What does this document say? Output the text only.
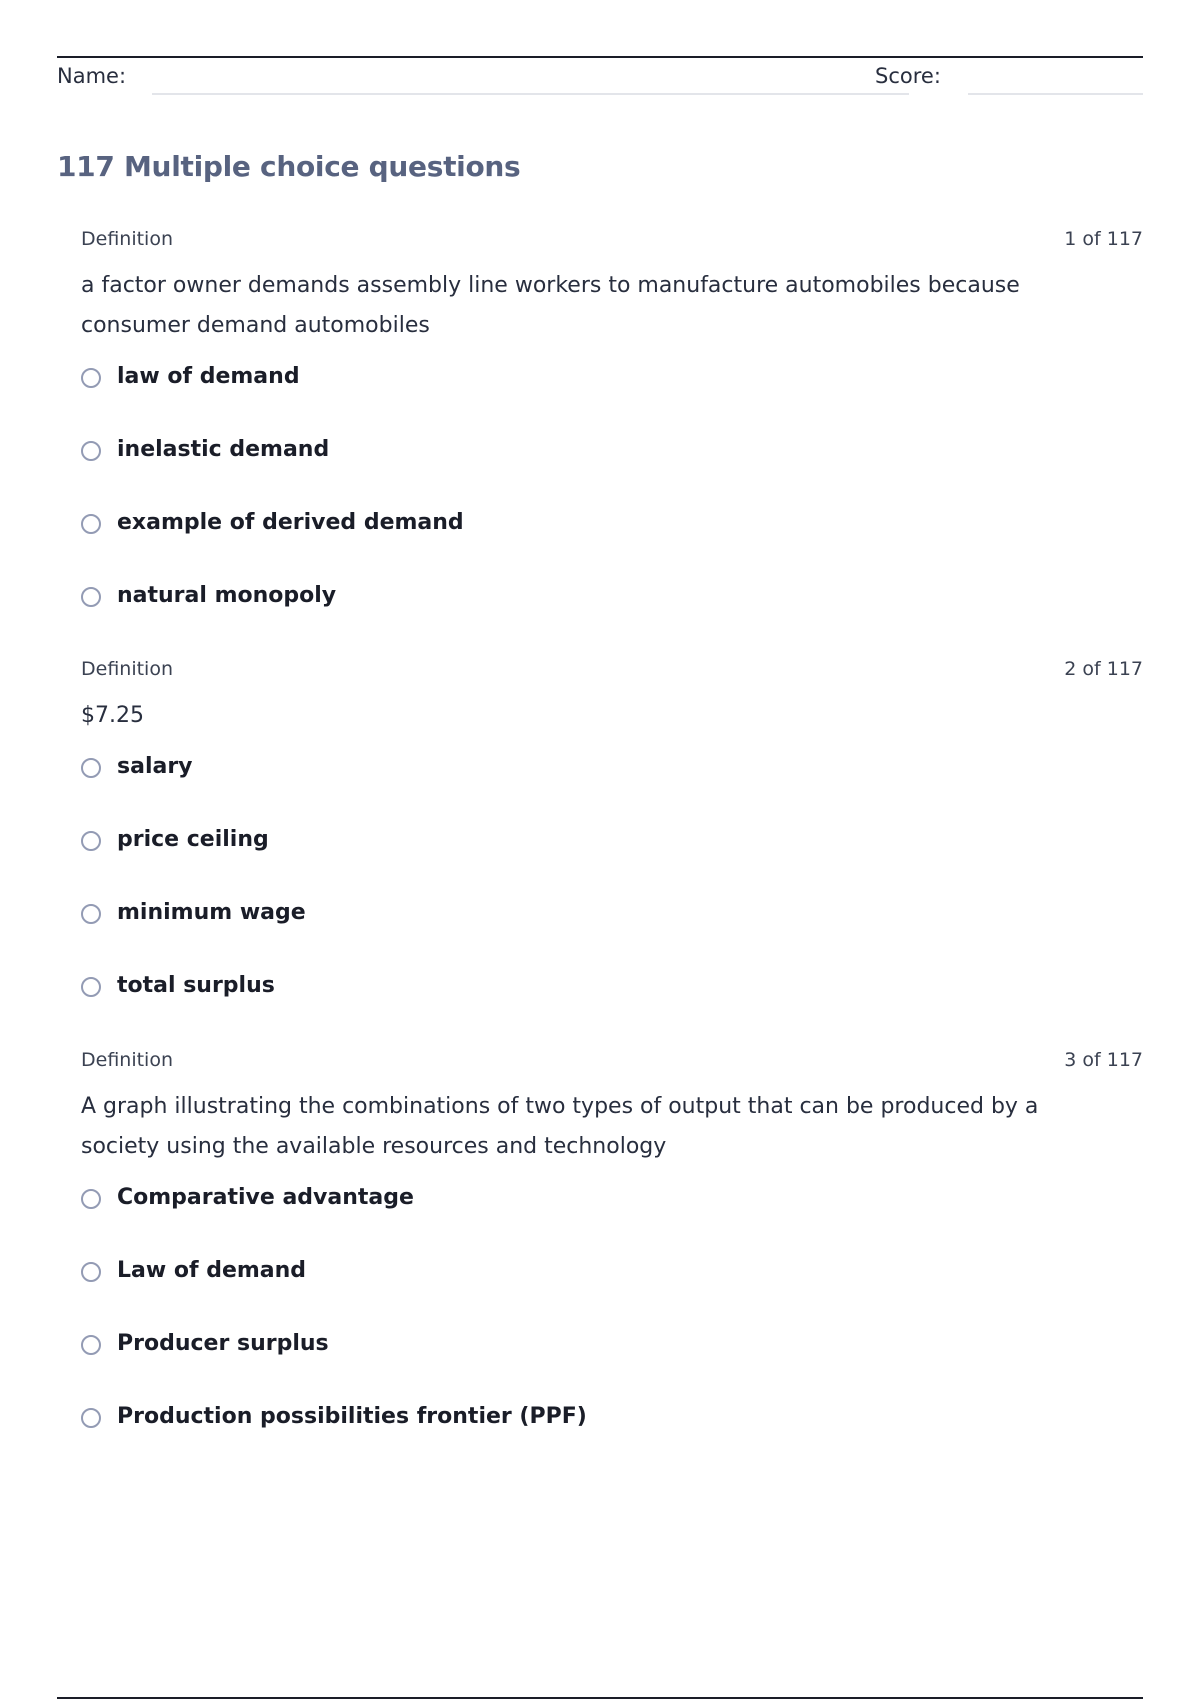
Name:	Score:
117 Multiple choice questions
Definition	1 of 117
a factor owner demands assembly line workers to manufacture automobiles because consumer demand automobiles
law of demand
inelastic demand
example of derived demand
natural monopoly
Definition	2 of 117
$7.25
salary
price ceiling
minimum wage
total surplus
Definition	3 of 117
A graph illustrating the combinations of two types of output that can be produced by a society using the available resources and technology
Comparative advantage
Law of demand
Producer surplus
Production possibilities frontier (PPF)
